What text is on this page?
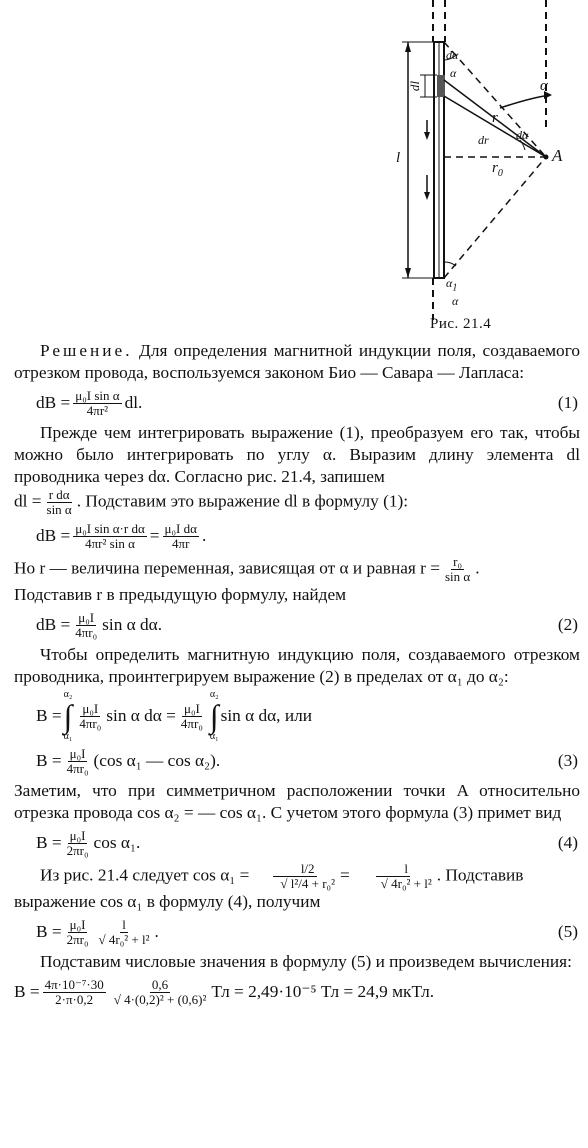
dα
α
dl
l
r
dr
α
dα
$r_0$
A
$\alpha_1$
α
Рис. 21.4

Решение. Для определения магнитной индукции поля, создаваемого отрезком провода, воспользуемся законом Био — Савара — Лапласа:

dB = $\frac{\text{μ₀I sin α}}{\text{4πr²}}$ dl.	(1)

Прежде чем интегрировать выражение (1), преобразуем его так, чтобы можно было интегрировать по углу α. Выразим длину элемента dl проводника через dα. Согласно рис. 21.4, запишем

dl = $\frac{\text{r dα}}{\text{sin α}}$ . Подставим это выражение dl в формулу (1):

dB = $\frac{\text{μ₀I sin α·r dα}}{\text{4πr² sin α}} = \frac{\text{μ₀I dα}}{4\pi r}$ .

Но r — величина переменная, зависящая от α и равная $r = \frac{\text{r₀}}{\text{sin α}}$ .
Подставив r в предыдущую формулу, найдем

dB = $\frac{\text{μ₀I}}{\text{4πr₀}}$ sin α dα.	(2)

Чтобы определить магнитную индукцию поля, создаваемого отрезком проводника, проинтегрируем выражение (2) в пределах от α₁ до α₂:

B =
α₂
∫
α₁
$\frac{\text{μ₀I}}{\text{4πr₀}}$ sin α $d\alpha = \frac{\text{μ₀I}}{\text{4πr₀}}$
α₂
∫
α₁
sin α dα, или
$B = \frac{\text{μ₀I}}{\text{4πr₀}} (\cos$ α₁ — cos α₂).	(3)

Заметим, что при симметричном расположении точки A относительно отрезка провода cos α₂ = — cos α₁. С учетом этого формула (3) примет вид

$B = \frac{\text{μ₀I}}{\text{2πr₀}}$ cos α₁.	(4)

Из рис. 21.4 следует $\cos \alpha_1 = \frac{l/2}{\text{√ l²/4 + r₀²}} = \frac{l}{\text{√ 4r₀² + l²}}$ . Подставив

выражение cos α₁ в формулу (4), получим

$B = \frac{\text{μ₀I}}{\text{2πr₀}} \frac{l}{\text{√ 4r₀² + l²}}$ .	(5)

Подставим числовые значения в формулу (5) и произведем вычисления:

$B = \frac{\text{4π·10⁻⁷·30}}{2\cdot\pi\cdot 0,2} \frac{0,6}{\text{√ 4·(0,2)² + (0,6)²}}$ Тл = 2,49·10⁻⁵ Тл = 24,9 мкТл.
